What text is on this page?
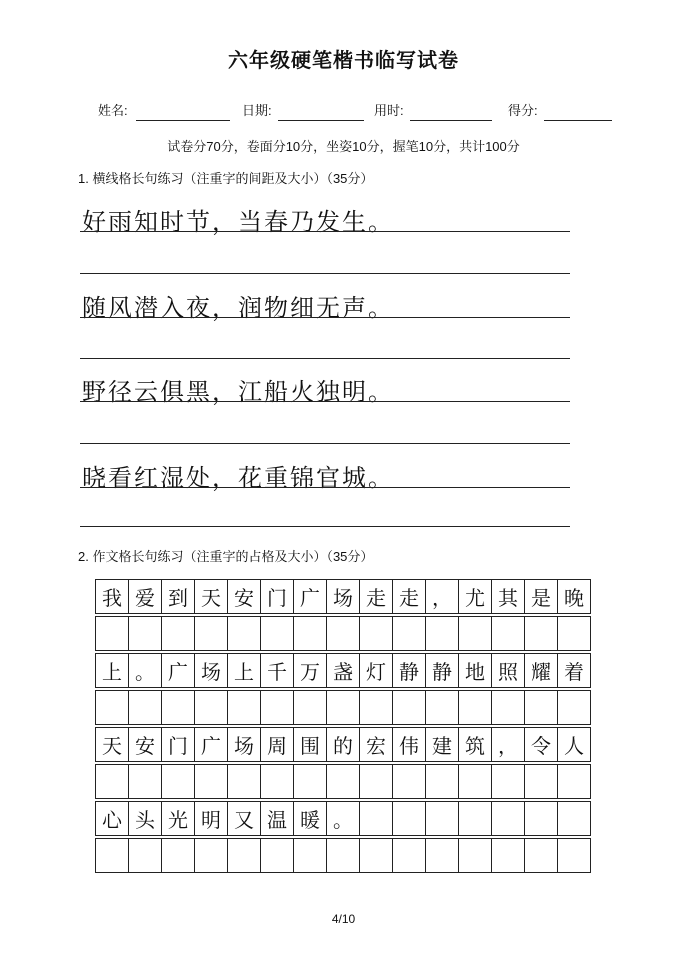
六年级硬笔楷书临写试卷
姓名:	日期:	用时:	得分:
试卷分70分，卷面分10分，坐姿10分，握笔10分，共计100分
1. 横线格长句练习（注重字的间距及大小）（35分）
好雨知时节，当春乃发生。
随风潜入夜，润物细无声。
野径云俱黑，江船火独明。
晓看红湿处，花重锦官城。
2. 作文格长句练习（注重字的占格及大小）（35分）
我 爱 到 天 安 门 广 场 走 走 ， 尤 其 是 晚
上 。 广 场 上 千 万 盏 灯 静 静 地 照 耀 着
天 安 门 广 场 周 围 的 宏 伟 建 筑 ， 令 人
心 头 光 明 又 温 暖 。
4/10
